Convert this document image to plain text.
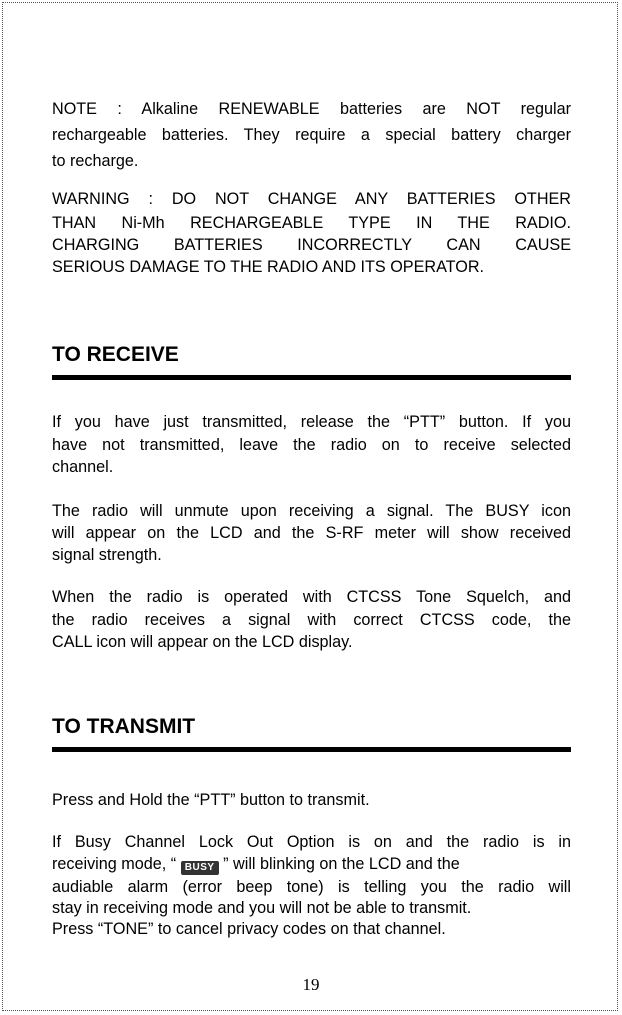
NOTE : Alkaline RENEWABLE batteries are NOT regular

rechargeable batteries. They require a special battery charger

to recharge.

WARNING : DO NOT CHANGE ANY BATTERIES OTHER

THAN Ni-Mh RECHARGEABLE TYPE IN THE RADIO.

CHARGING BATTERIES INCORRECTLY CAN CAUSE

SERIOUS DAMAGE TO THE RADIO AND ITS OPERATOR.

TO RECEIVE

If you have just transmitted, release the “PTT” button. If you

have not transmitted, leave the radio on to receive selected

channel.

The radio will unmute upon receiving a signal. The BUSY icon

will appear on the LCD and the S-RF meter will show received

signal strength.

When the radio is operated with CTCSS Tone Squelch, and

the radio receives a signal with correct CTCSS code, the

CALL icon will appear on the LCD display.

TO TRANSMIT

Press and Hold the “PTT” button to transmit.

If Busy Channel Lock Out Option is on and the radio is in

receiving mode, “ BUSY ” will blinking on the LCD and the

audiable alarm (error beep tone) is telling you the radio will

stay in receiving mode and you will not be able to transmit.

Press “TONE” to cancel privacy codes on that channel.

19
